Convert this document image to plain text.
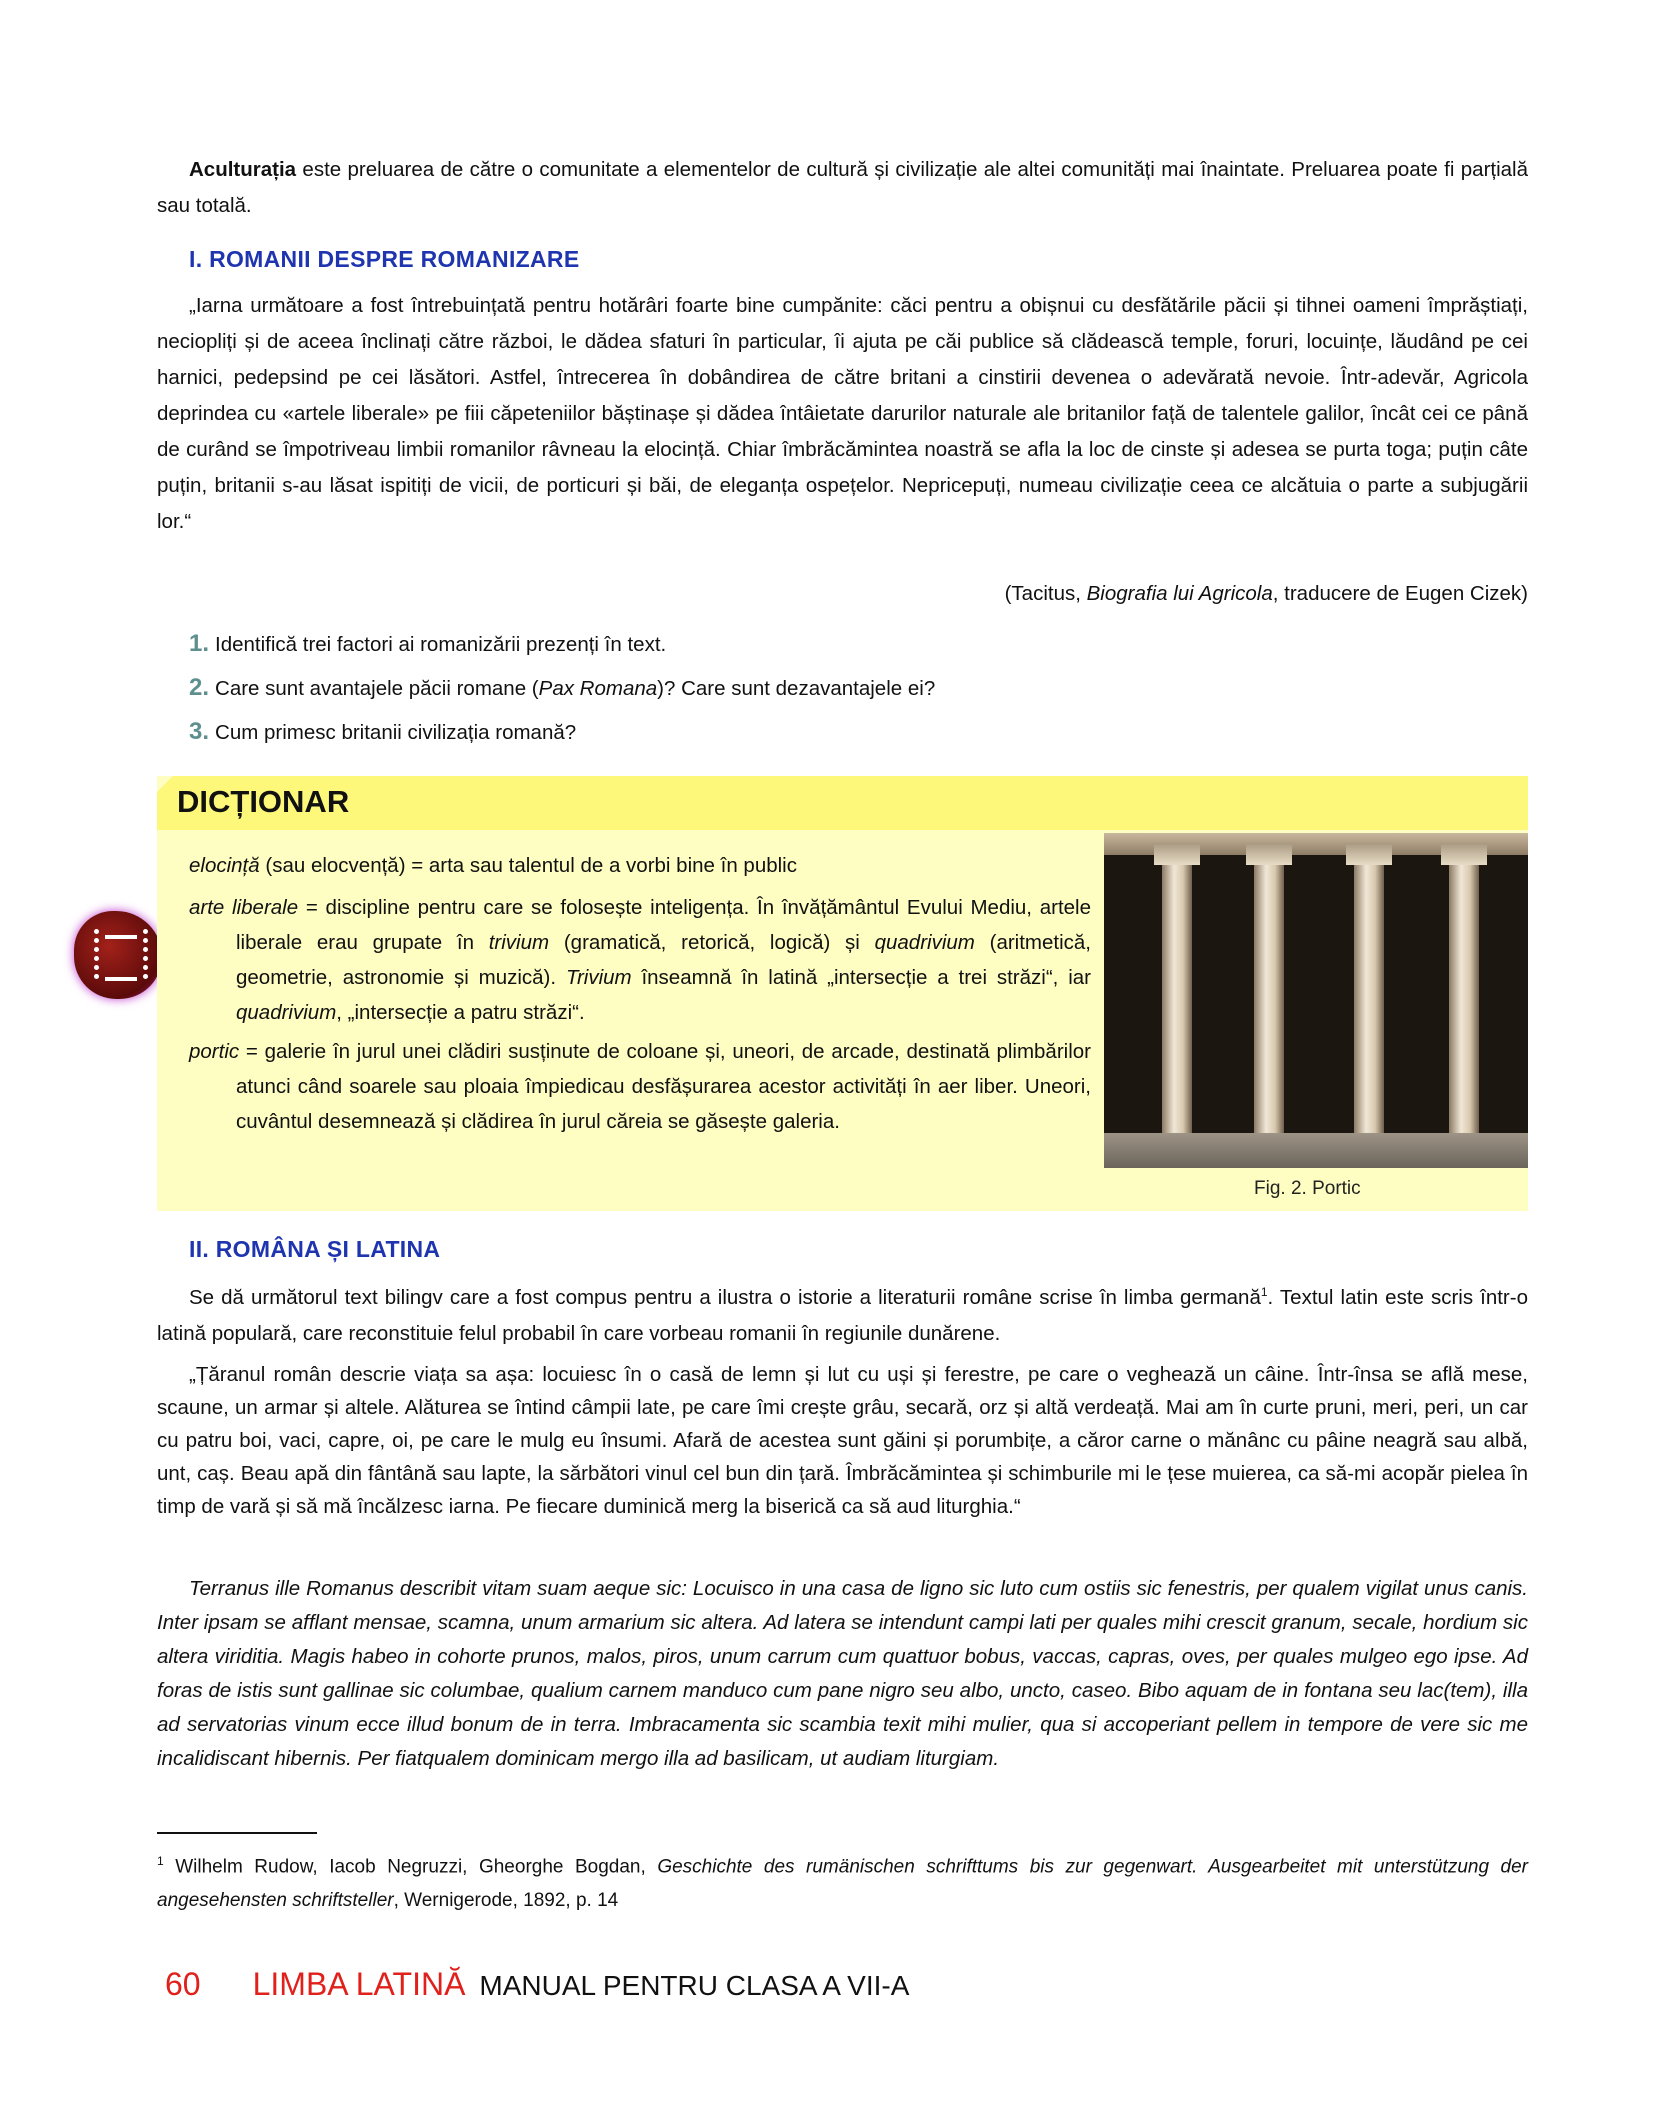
Aculturația este preluarea de către o comunitate a elementelor de cultură și civilizație ale altei comunități mai înaintate. Preluarea poate fi parțială sau totală.

I. ROMANII DESPRE ROMANIZARE

„Iarna următoare a fost întrebuințată pentru hotărâri foarte bine cumpănite: căci pentru a obișnui cu desfătările păcii și tihnei oameni împrăștiați, neciopliți și de aceea înclinați către război, le dădea sfaturi în particular, îi ajuta pe căi publice să clădească temple, foruri, locuințe, lăudând pe cei harnici, pedepsind pe cei lăsători. Astfel, întrecerea în dobândirea de către britani a cinstirii devenea o adevărată nevoie. Într-adevăr, Agricola deprindea cu «artele liberale» pe fiii căpeteniilor băștinașe și dădea întâietate darurilor naturale ale britanilor față de talentele galilor, încât cei ce până de curând se împotriveau limbii romanilor râvneau la elocință. Chiar îmbrăcămintea noastră se afla la loc de cinste și adesea se purta toga; puțin câte puțin, britanii s-au lăsat ispitiți de vicii, de porticuri și băi, de eleganța ospețelor. Nepricepuți, numeau civilizație ceea ce alcătuia o parte a subjugării lor.“

(Tacitus, Biografia lui Agricola, traducere de Eugen Cizek)
1. Identifică trei factori ai romanizării prezenți în text.
2. Care sunt avantajele păcii romane (Pax Romana)? Care sunt dezavantajele ei?
3. Cum primesc britanii civilizația romană?
DICȚIONAR
elocință (sau elocvență) = arta sau talentul de a vorbi bine în public
arte liberale = discipline pentru care se folosește inteligența. În învățământul Evului Mediu, artele liberale erau grupate în trivium (gramatică, retorică, logică) și quadrivium (aritmetică, geometrie, astronomie și muzică). Trivium înseamnă în latină „intersecție a trei străzi“, iar quadrivium, „intersecție a patru străzi“.
portic = galerie în jurul unei clădiri susținute de coloane și, uneori, de arcade, destinată plimbărilor atunci când soarele sau ploaia împiedicau desfășurarea acestor activități în aer liber. Uneori, cuvântul desemnează și clădirea în jurul căreia se găsește galeria.
Fig. 2. Portic
II. ROMÂNA ȘI LATINA

Se dă următorul text bilingv care a fost compus pentru a ilustra o istorie a literaturii române scrise în limba germană$^1$. Textul latin este scris într-o latină populară, care reconstituie felul probabil în care vorbeau romanii în regiunile dunărene.

„Țăranul român descrie viața sa așa: locuiesc în o casă de lemn și lut cu uși și ferestre, pe care o veghează un câine. Într-însa se află mese, scaune, un armar și altele. Alăturea se întind câmpii late, pe care îmi crește grâu, secară, orz și altă verdeață. Mai am în curte pruni, meri, peri, un car cu patru boi, vaci, capre, oi, pe care le mulg eu însumi. Afară de acestea sunt găini și porumbițe, a căror carne o mănânc cu pâine neagră sau albă, unt, caș. Beau apă din fântână sau lapte, la sărbători vinul cel bun din țară. Îmbrăcămintea și schimburile mi le țese muierea, ca să-mi acopăr pielea în timp de vară și să mă încălzesc iarna. Pe fiecare duminică merg la biserică ca să aud liturghia.“

Terranus ille Romanus describit vitam suam aeque sic: Locuisco in una casa de ligno sic luto cum ostiis sic fenestris, per qualem vigilat unus canis. Inter ipsam se afflant mensae, scamna, unum armarium sic altera. Ad latera se intendunt campi lati per quales mihi crescit granum, secale, hordium sic altera viriditia. Magis habeo in cohorte prunos, malos, piros, unum carrum cum quattuor bobus, vaccas, capras, oves, per quales mulgeo ego ipse. Ad foras de istis sunt gallinae sic columbae, qualium carnem manduco cum pane nigro seu albo, uncto, caseo. Bibo aquam de in fontana seu lac(tem), illa ad servatorias vinum ecce illud bonum de in terra. Imbracamenta sic scambia texit mihi mulier, qua si accoperiant pellem in tempore de vere sic me incalidiscant hibernis. Per fiatqualem dominicam mergo illa ad basilicam, ut audiam liturgiam.

$^1$ Wilhelm Rudow, Iacob Negruzzi, Gheorghe Bogdan, Geschichte des rumänischen schrifttums bis zur gegenwart. Ausgearbeitet mit unterstützung der angesehensten schriftsteller, Wernigerode, 1892, p. 14

60 LIMBA LATINĂ MANUAL PENTRU CLASA A VII-A
